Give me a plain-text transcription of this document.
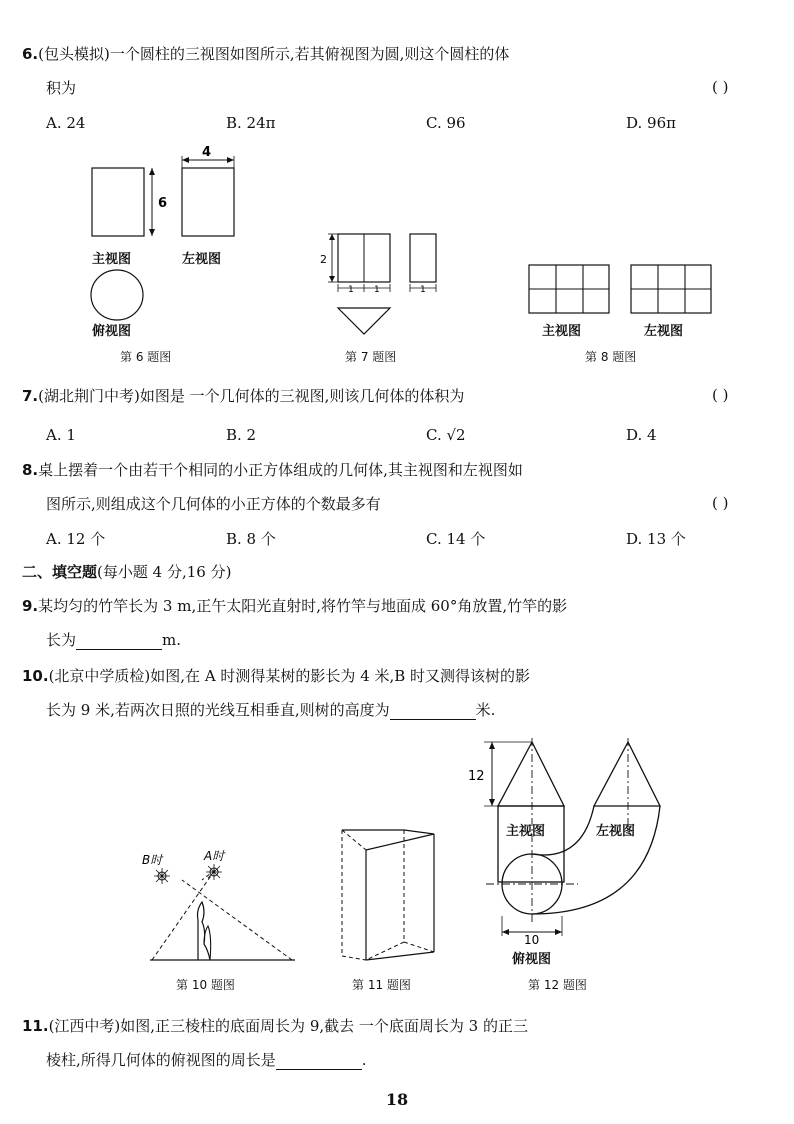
6.(包头模拟)一个圆柱的三视图如图所示,若其俯视图为圆,则这个圆柱的体
积为	( )
A. 24	B. 24π	C. 96	D. 96π
6
4
主视图	左视图
俯视图
第 6 题图
2
1 1	1
第 7 题图
主视图	左视图
第 8 题图
7.(湖北荆门中考)如图是 一个几何体的三视图,则该几何体的体积为	( )
A. 1	B. 2	C. √2	D. 4
8.桌上摆着一个由若干个相同的小正方体组成的几何体,其主视图和左视图如
图所示,则组成这个几何体的小正方体的个数最多有	( )
A. 12 个	B. 8 个	C. 14 个	D. 13 个
二、填空题(每小题 4 分,16 分)
9.某均匀的竹竿长为 3 m,正午太阳光直射时,将竹竿与地面成 60°角放置,竹竿的影
长为	m.
10.(北京中学质检)如图,在 A 时测得某树的影长为 4 米,B 时又测得该树的影
长为 9 米,若两次日照的光线互相垂直,则树的高度为	米.
B时	A时
第 10 题图	第 11 题图
12
10
主视图	左视图
俯视图
第 12 题图
11.(江西中考)如图,正三棱柱的底面周长为 9,截去 一个底面周长为 3 的正三
棱柱,所得几何体的俯视图的周长是	.
18
